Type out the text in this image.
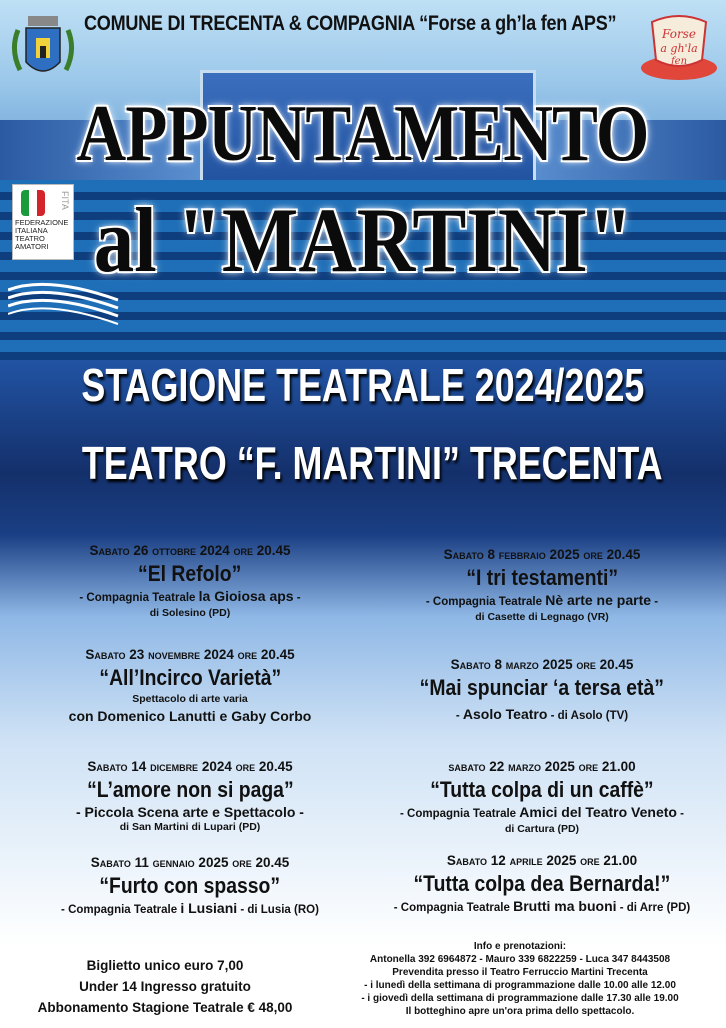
COMUNE DI TRECENTA & COMPAGNIA “Forse a gh’la fen APS”	Forse
a gh'la
fen
FITA
FEDERAZIONE ITALIANA TEATRO AMATORI
APPUNTAMENTO
al "MARTINI"
STAGIONE TEATRALE 2024/2025
TEATRO “F. MARTINI” TRECENTA
Sabato 26 ottobre 2024 ore 20.45
“El Refolo”
- Compagnia Teatrale la Gioiosa aps -
di Solesino (PD)
Sabato 23 novembre 2024 ore 20.45
“All’Incirco Varietà”
Spettacolo di arte varia
con Domenico Lanutti e Gaby Corbo
Sabato 14 dicembre 2024 ore 20.45
“L’amore non si paga”
- Piccola Scena arte e Spettacolo -
di San Martini di Lupari (PD)
Sabato 11 gennaio 2025 ore 20.45
“Furto con spasso”
- Compagnia Teatrale i Lusiani - di Lusia (RO)
Sabato 8 febbraio 2025 ore 20.45
“I tri testamenti”
- Compagnia Teatrale Nè arte ne parte -
di Casette di Legnago (VR)
Sabato 8 marzo 2025 ore 20.45
“Mai spunciar ‘a tersa età”
- Asolo Teatro - di Asolo (TV)
sabato 22 marzo 2025 ore 21.00
“Tutta colpa di un caffè”
- Compagnia Teatrale Amici del Teatro Veneto -
di Cartura (PD)
Sabato 12 aprile 2025 ore 21.00
“Tutta colpa dea Bernarda!”
- Compagnia Teatrale Brutti ma buoni - di Arre (PD)
Biglietto unico euro 7,00
Under 14 Ingresso gratuito
Abbonamento Stagione Teatrale € 48,00
Info e prenotazioni:
Antonella 392 6964872 - Mauro 339 6822259 - Luca 347 8443508
Prevendita presso il Teatro Ferruccio Martini Trecenta
- i lunedì della settimana di programmazione dalle 10.00 alle 12.00
- i giovedì della settimana di programmazione dalle 17.30 alle 19.00
Il botteghino apre un'ora prima dello spettacolo.
